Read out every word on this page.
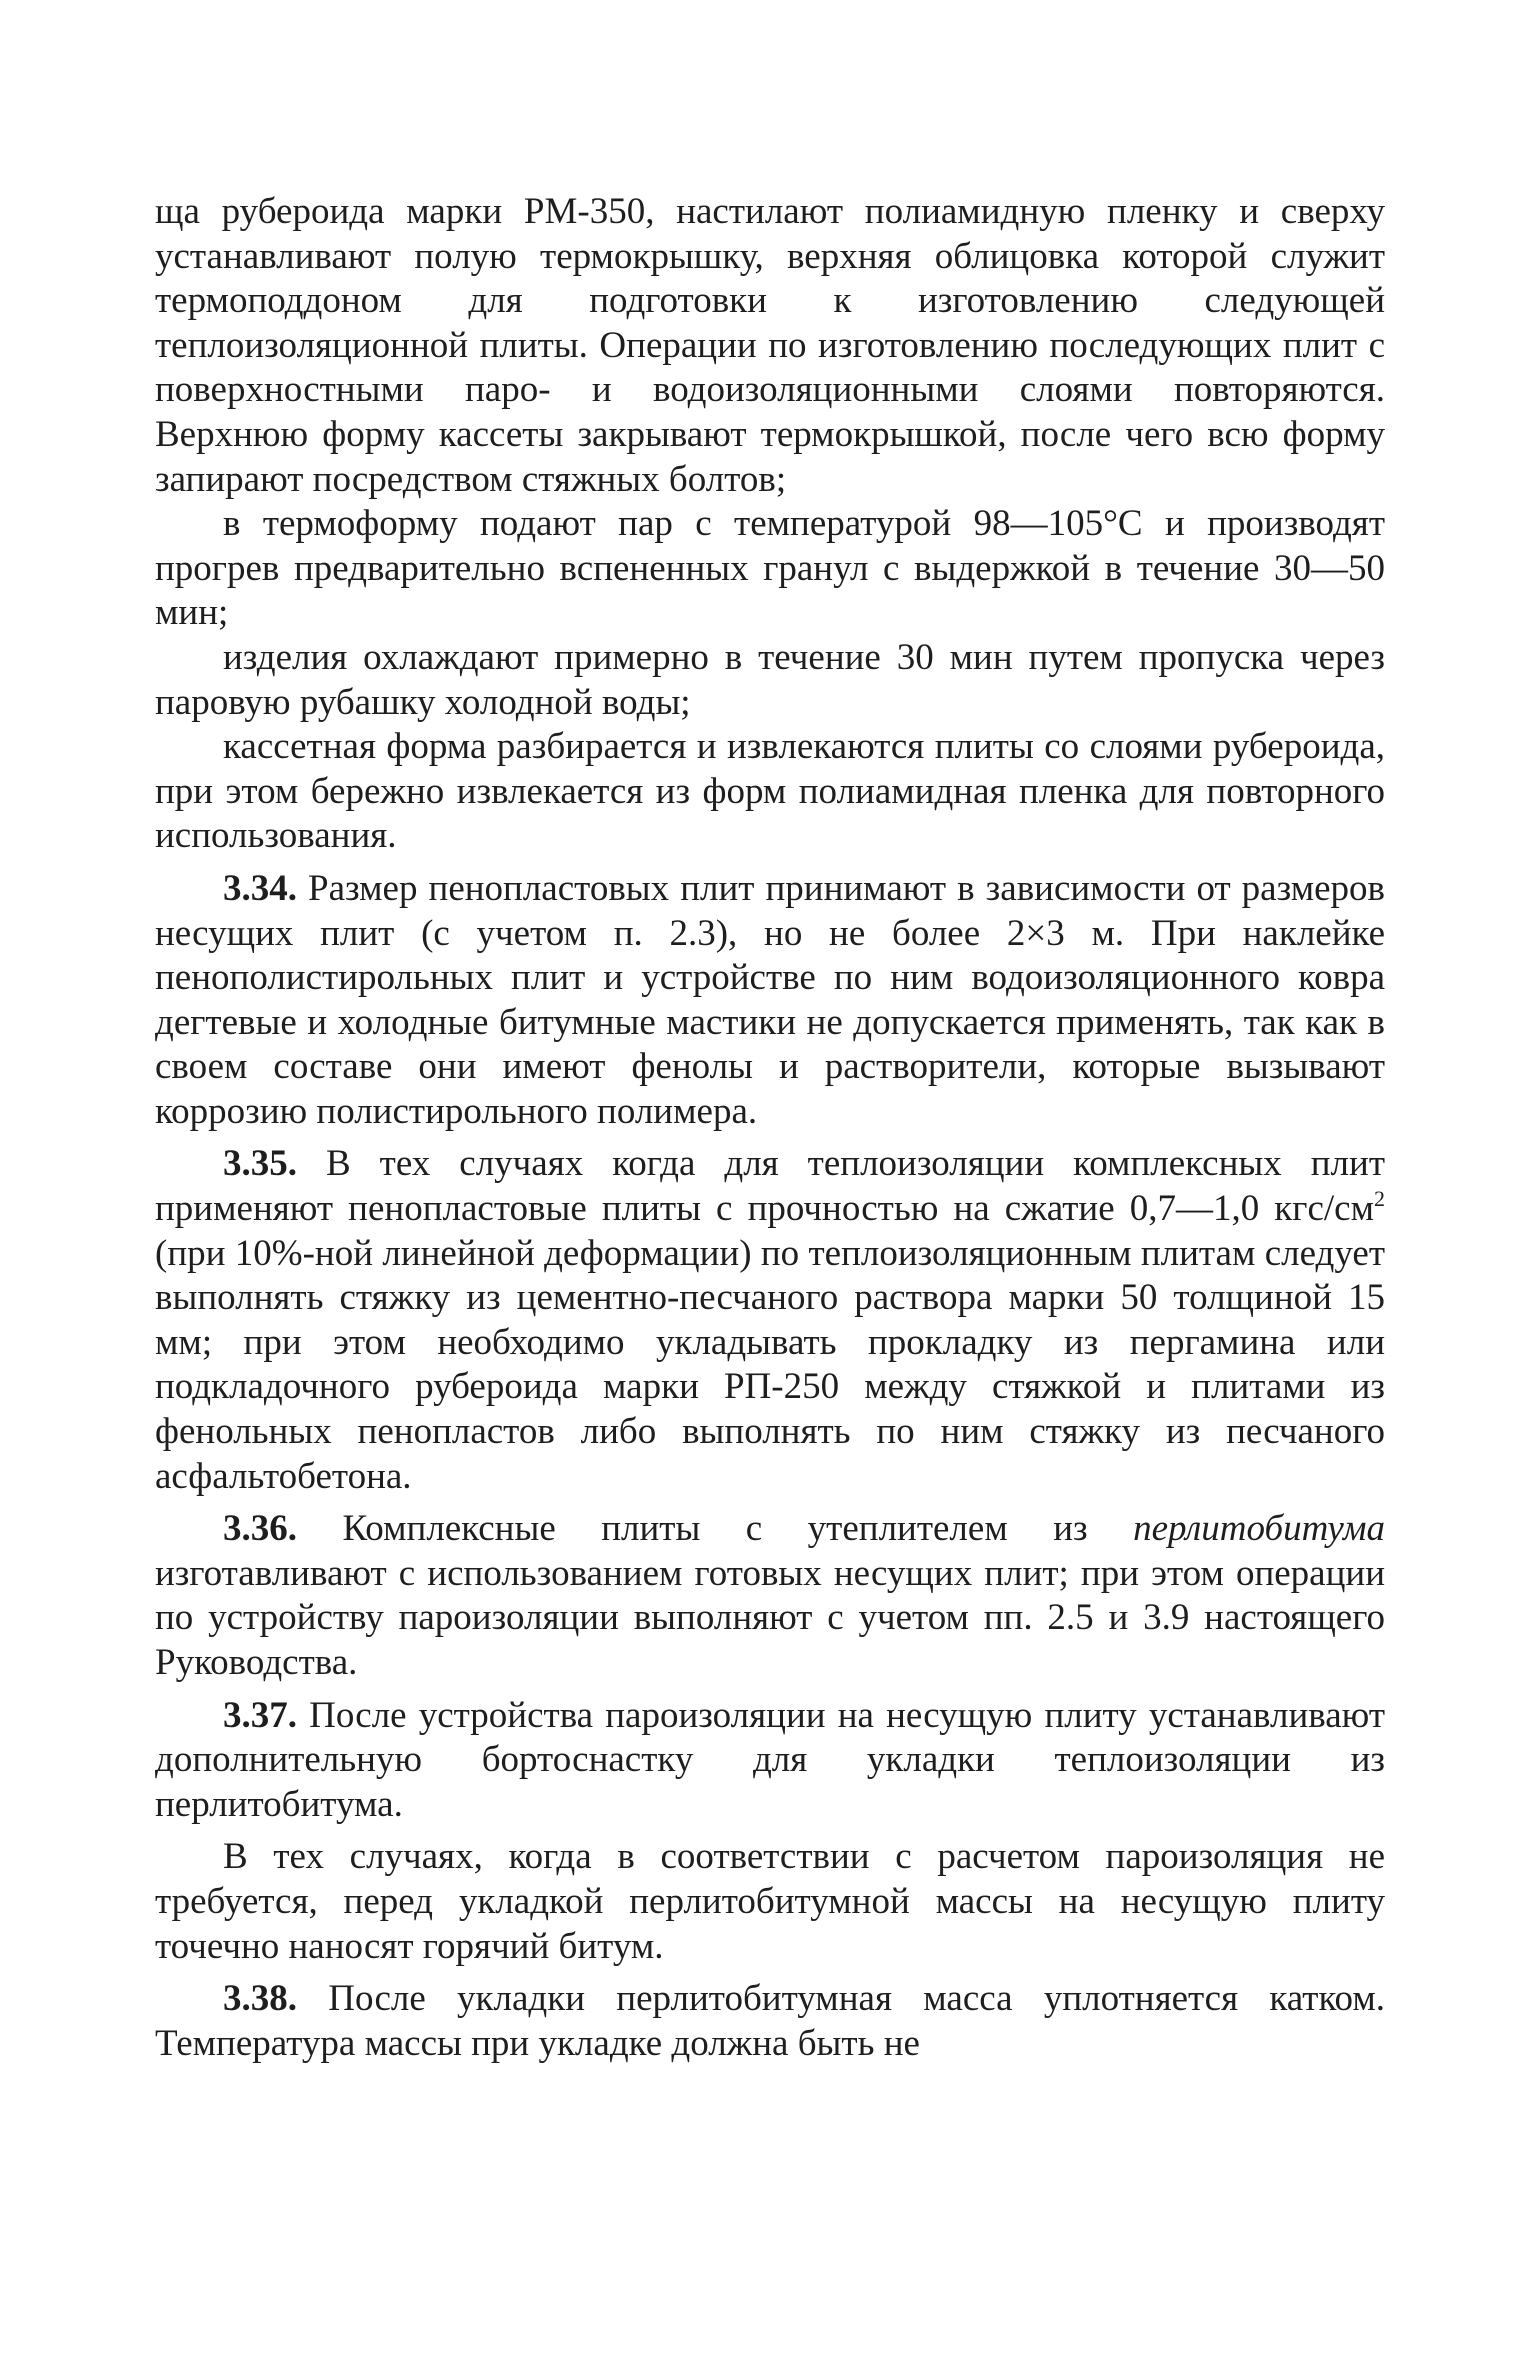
ща рубероида марки РМ-350, настилают полиамидную пленку и сверху устанавливают полую термокрышку, верхняя облицовка которой служит термоподдоном для подготовки к изготовлению следующей теплоизоляционной плиты. Операции по изготовлению последующих плит с поверхностными паро- и водоизоляционными слоями повторяются. Верхнюю форму кассеты закрывают термокрышкой, после чего всю форму запирают посредством стяжных болтов;

в термоформу подают пар с температурой 98—105°С и производят прогрев предварительно вспененных гранул с выдержкой в течение 30—50 мин;

изделия охлаждают примерно в течение 30 мин путем пропуска через паровую рубашку холодной воды;

кассетная форма разбирается и извлекаются плиты со слоями рубероида, при этом бережно извлекается из форм полиамидная пленка для повторного использования.

3.34. Размер пенопластовых плит принимают в зависимости от размеров несущих плит (с учетом п. 2.3), но не более 2×3 м. При наклейке пенополистирольных плит и устройстве по ним водоизоляционного ковра дегтевые и холодные битумные мастики не допускается применять, так как в своем составе они имеют фенолы и растворители, которые вызывают коррозию полистирольного полимера.

3.35. В тех случаях когда для теплоизоляции комплексных плит применяют пенопластовые плиты с прочностью на сжатие 0,7—1,0 кгс/$см^2$ (при 10%-ной линейной деформации) по теплоизоляционным плитам следует выполнять стяжку из цементно-песчаного раствора марки 50 толщиной 15 мм; при этом необходимо укладывать прокладку из пергамина или подкладочного рубероида марки РП-250 между стяжкой и плитами из фенольных пенопластов либо выполнять по ним стяжку из песчаного асфальтобетона.

3.36. Комплексные плиты с утеплителем из перлитобитума изготавливают с использованием готовых несущих плит; при этом операции по устройству пароизоляции выполняют с учетом пп. 2.5 и 3.9 настоящего Руководства.

3.37. После устройства пароизоляции на несущую плиту устанавливают дополнительную бортоснастку для укладки теплоизоляции из перлитобитума.

В тех случаях, когда в соответствии с расчетом пароизоляция не требуется, перед укладкой перлитобитумной массы на несущую плиту точечно наносят горячий битум.

3.38. После укладки перлитобитумная масса уплотняется катком. Температура массы при укладке должна быть не
